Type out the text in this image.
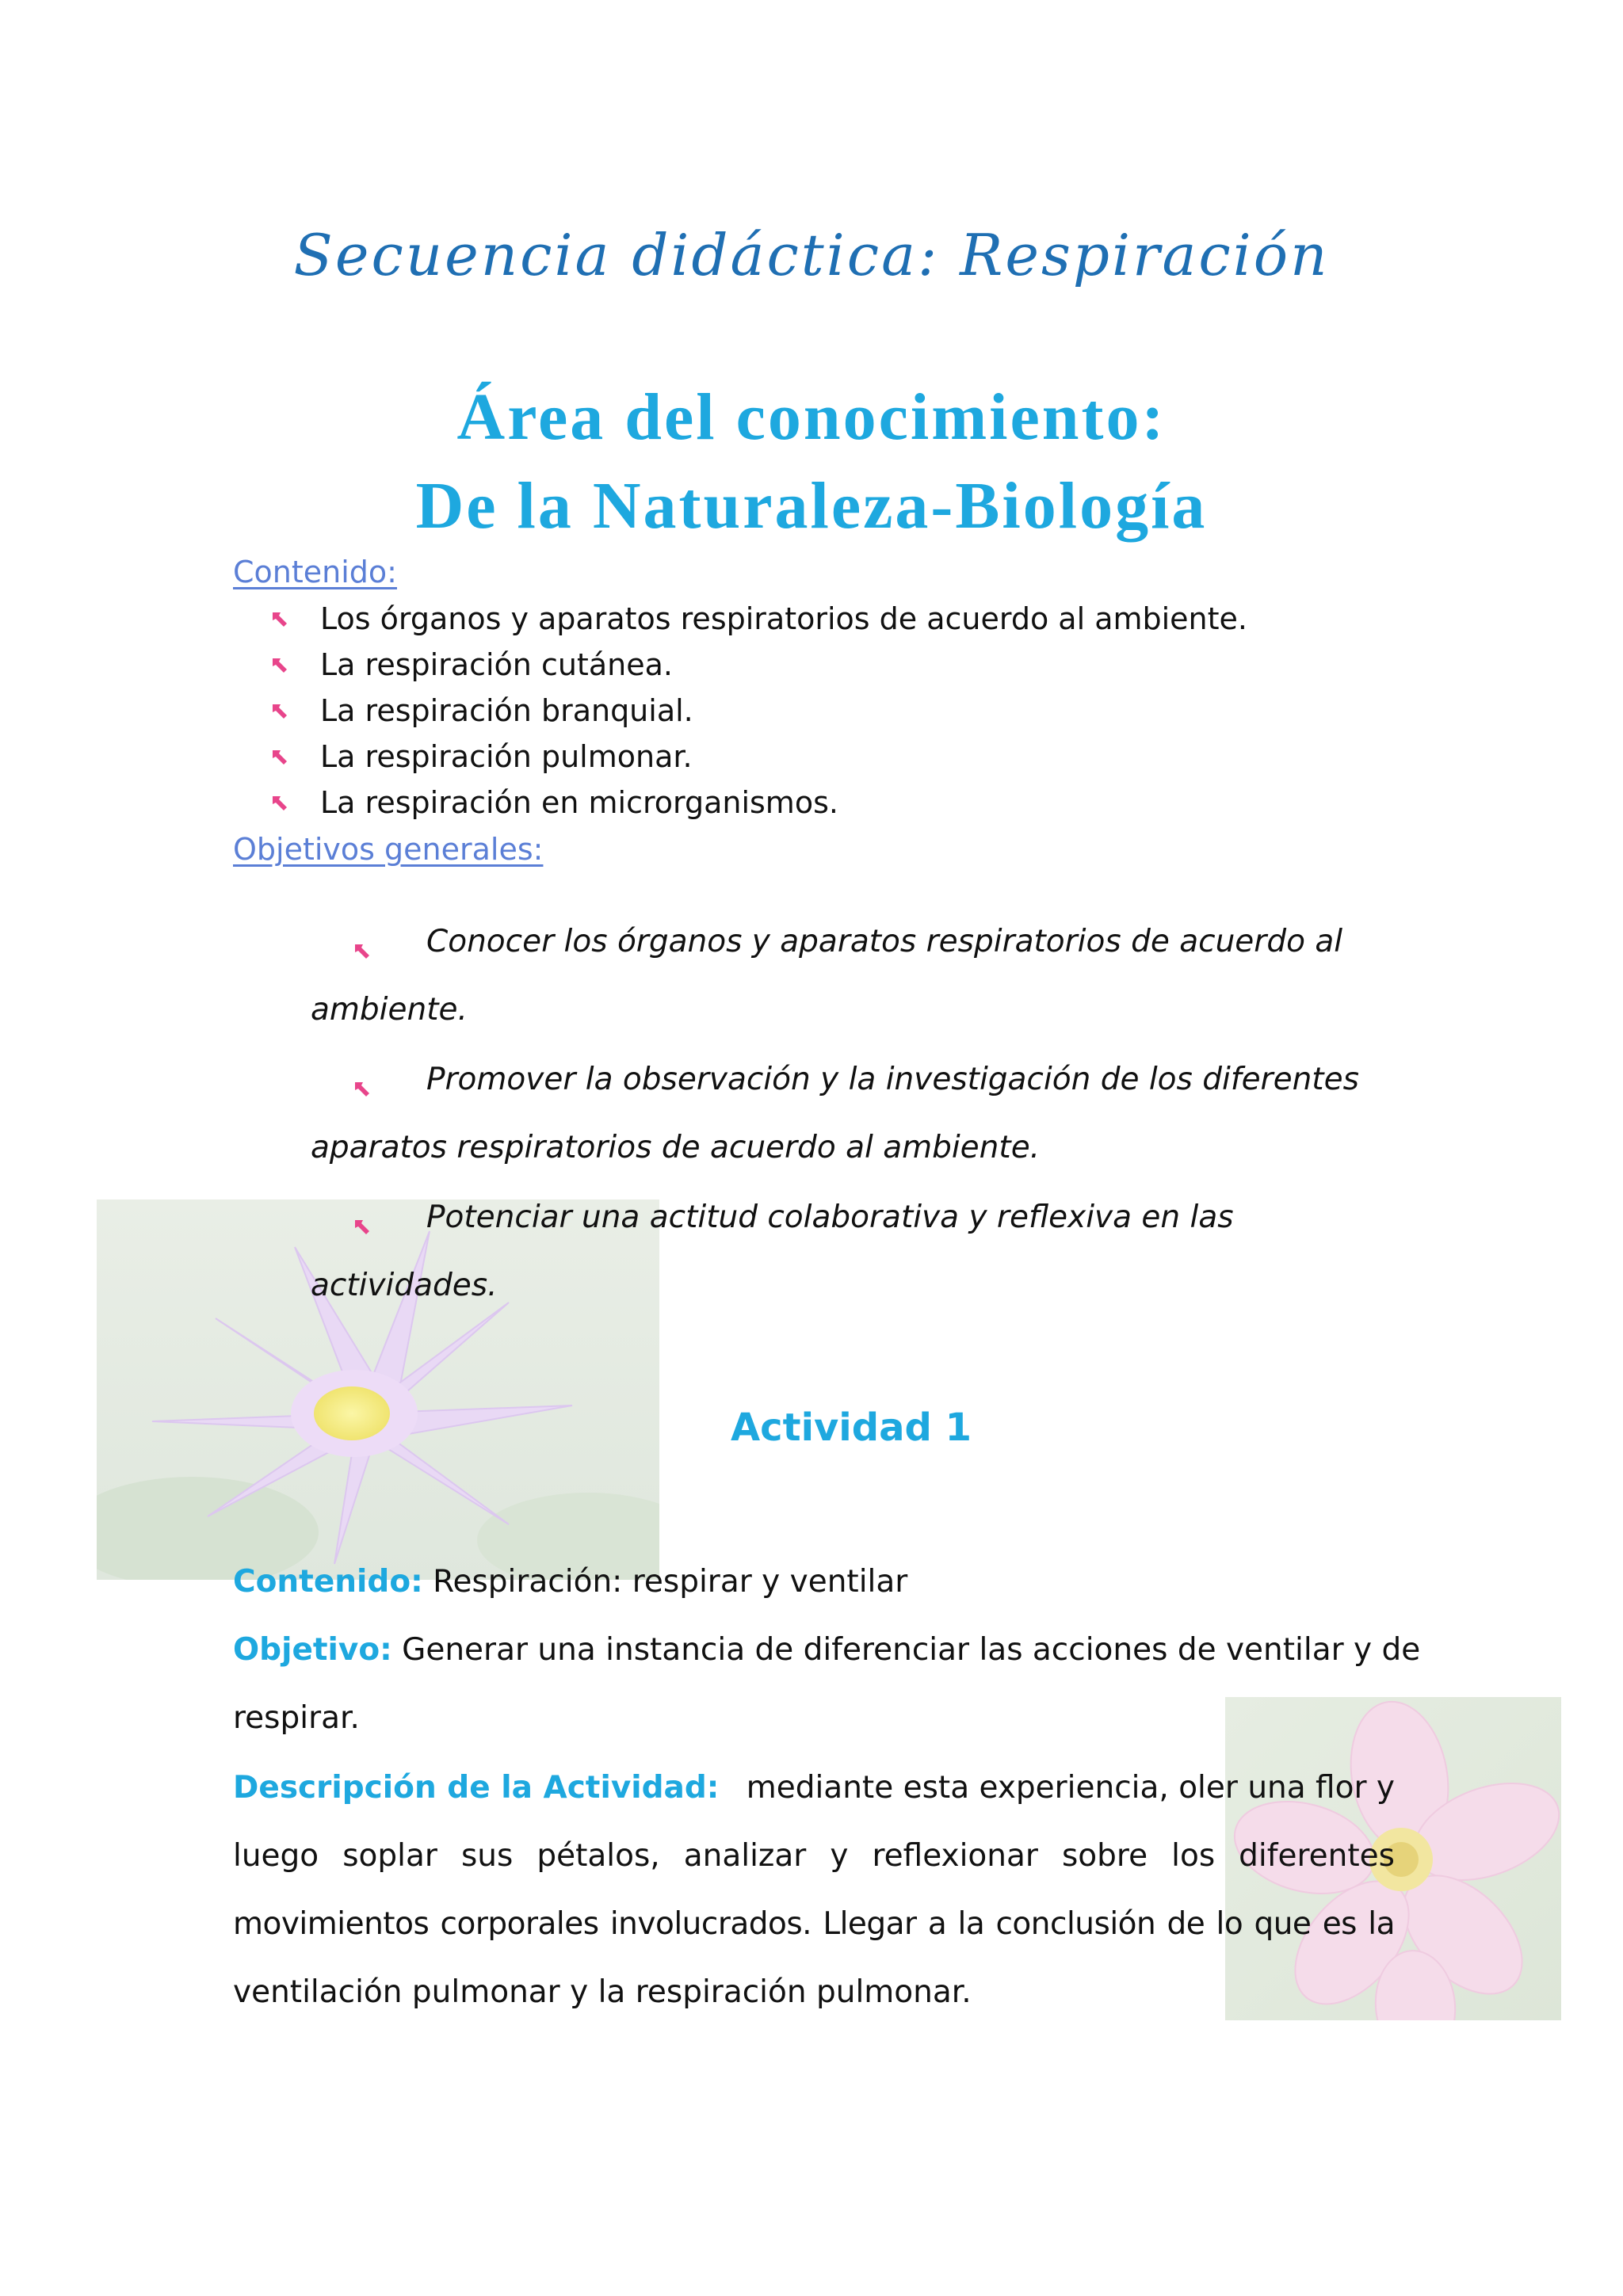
Secuencia didáctica: Respiración
Área del conocimiento:
De la Naturaleza-Biología
Contenido:
Los órganos y aparatos respiratorios de acuerdo al ambiente.
La respiración cutánea.
La respiración branquial.
La respiración pulmonar.
La respiración en microrganismos.
Objetivos generales:
Conocer los órganos y aparatos respiratorios de acuerdo al
ambiente.
Promover la observación y la investigación de los diferentes
aparatos respiratorios de acuerdo al ambiente.
Potenciar una actitud colaborativa y reflexiva en las
actividades.
Actividad 1
Contenido: Respiración: respirar y ventilar
Objetivo: Generar una instancia de diferenciar las acciones de ventilar y de
respirar.
Descripción de la Actividad: mediante esta experiencia, oler una flor y
luego soplar sus pétalos, analizar y reflexionar sobre los diferentes
movimientos corporales involucrados. Llegar a la conclusión de lo que es la
ventilación pulmonar y la respiración pulmonar.
